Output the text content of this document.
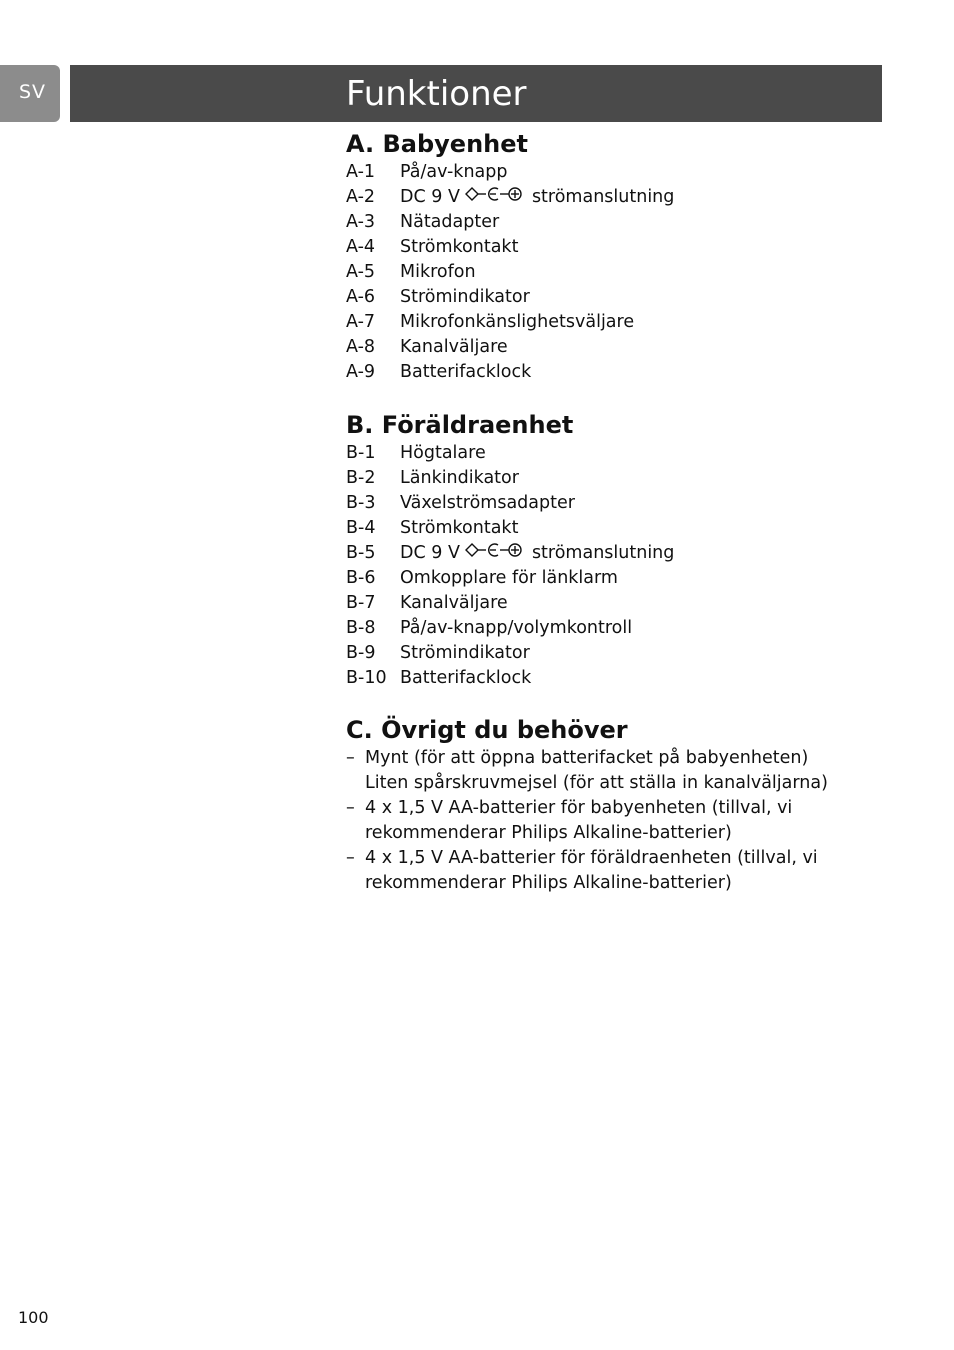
SV	Funktioner
A. Babyenhet
A-1	På/av-knapp
A-2	DC 9 V	strömanslutning
A-3	Nätadapter
A-4	Strömkontakt
A-5	Mikrofon
A-6	Strömindikator
A-7	Mikrofonkänslighetsväljare
A-8	Kanalväljare
A-9	Batterifacklock
B. Föräldraenhet
B-1	Högtalare
B-2	Länkindikator
B-3	Växelströmsadapter
B-4	Strömkontakt
B-5	DC 9 V	strömanslutning
B-6	Omkopplare för länklarm
B-7	Kanalväljare
B-8	På/av-knapp/volymkontroll
B-9	Strömindikator
B-10 Batterifacklock
C. Övrigt du behöver
– Mynt (för att öppna batterifacket på babyenheten)
Liten spårskruvmejsel (för att ställa in kanalväljarna)
– 4 x 1,5 V AA-batterier för babyenheten (tillval, vi
rekommenderar Philips Alkaline-batterier)
– 4 x 1,5 V AA-batterier för föräldraenheten (tillval, vi
rekommenderar Philips Alkaline-batterier)
100
